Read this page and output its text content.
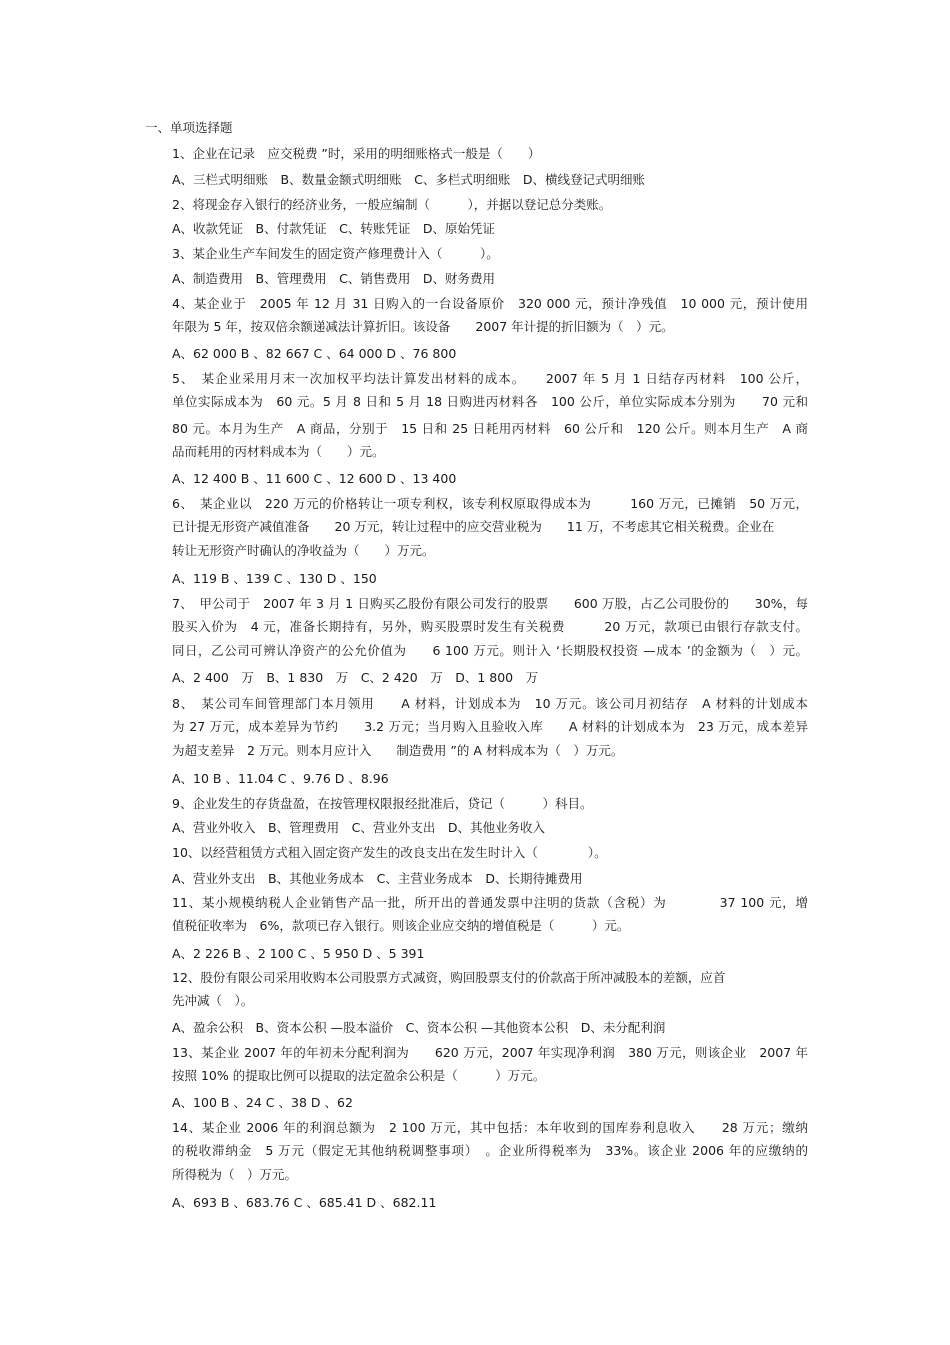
一、单项选择题
1、企业在记录　应交税费 ”时，采用的明细账格式一般是（　　）
A、三栏式明细账　B、数量金额式明细账　C、多栏式明细账　D、横线登记式明细账
2、将现金存入银行的经济业务，一般应编制（　　　），并据以登记总分类账。
A、收款凭证　B、付款凭证　C、转账凭证　D、原始凭证
3、某企业生产车间发生的固定资产修理费计入（　　　）。
A、制造费用　B、管理费用　C、销售费用　D、财务费用
4、某企业于　2005 年 12 月 31 日购入的一台设备原价　320 000 元，预计净残值　10 000 元，预计使用
年限为 5 年，按双倍余额递减法计算折旧。该设备　　2007 年计提的折旧额为（　）元。
A、62 000 B 、82 667 C 、64 000 D 、76 800
5、　某企业采用月末一次加权平均法计算发出材料的成本。　　2007 年 5 月 1 日结存丙材料　100 公斤，
单位实际成本为　60 元。5 月 8 日和 5 月 18 日购进丙材料各　100 公斤，单位实际成本分别为　　70 元和
80 元。本月为生产　A 商品，分别于　15 日和 25 日耗用丙材料　60 公斤和　120 公斤。则本月生产　A 商
品而耗用的丙材料成本为（　　）元。
A、12 400 B 、11 600 C 、12 600 D 、13 400
6、　某企业以　220 万元的价格转让一项专利权，该专利权原取得成本为　　　160 万元，已摊销　50 万元，
已计提无形资产减值准备　　20 万元，转让过程中的应交营业税为　　11 万，不考虑其它相关税费。企业在
转让无形资产时确认的净收益为（　　）万元。
A、119 B 、139 C 、130 D 、150
7、　甲公司于　2007 年 3 月 1 日购买乙股份有限公司发行的股票　　600 万股，占乙公司股份的　　30%，每
股买入价为　4 元，准备长期持有，另外，购买股票时发生有关税费　　　20 万元，款项已由银行存款支付。
同日，乙公司可辨认净资产的公允价值为　　6 100 万元。则计入 ‘长期股权投资 —成本 ’的金额为（　）元。
A、2 400　万　B、1 830　万　C、2 420　万　D、1 800　万
8、　某公司车间管理部门本月领用　　A 材料，计划成本为　10 万元。该公司月初结存　A 材料的计划成本
为 27 万元，成本差异为节约　　3.2 万元；当月购入且验收入库　　A 材料的计划成本为　23 万元，成本差异
为超支差异　2 万元。则本月应计入　　制造费用 ”的 A 材料成本为（　）万元。
A、10 B 、11.04 C 、9.76 D 、8.96
9、企业发生的存货盘盈，在按管理权限报经批准后，贷记（　　　）科目。
A、营业外收入　B、管理费用　C、营业外支出　D、其他业务收入
10、以经营租赁方式租入固定资产发生的改良支出在发生时计入（　　　　）。
A、营业外支出　B、其他业务成本　C、主营业务成本　D、长期待摊费用
11、某小规模纳税人企业销售产品一批，所开出的普通发票中注明的货款（含税）为　　　　37 100 元，增
值税征收率为　6%，款项已存入银行。则该企业应交纳的增值税是（　　　）元。
A、2 226 B 、2 100 C 、5 950 D 、5 391
12、股份有限公司采用收购本公司股票方式减资，购回股票支付的价款高于所冲减股本的差额，应首
先冲减（　）。
A、盈余公积　B、资本公积 —股本溢价　C、资本公积 —其他资本公积　D、未分配利润
13、某企业 2007 年的年初未分配利润为　　620 万元，2007 年实现净利润　380 万元，则该企业　2007 年
按照 10% 的提取比例可以提取的法定盈余公积是（　　　）万元。
A、100 B 、24 C 、38 D 、62
14、某企业 2006 年的利润总额为　2 100 万元，其中包括：本年收到的国库券利息收入　　28 万元；缴纳
的税收滞纳金　5 万元（假定无其他纳税调整事项）　。企业所得税率为　33%。该企业 2006 年的应缴纳的
所得税为（　）万元。
A、693 B 、683.76 C 、685.41 D 、682.11
